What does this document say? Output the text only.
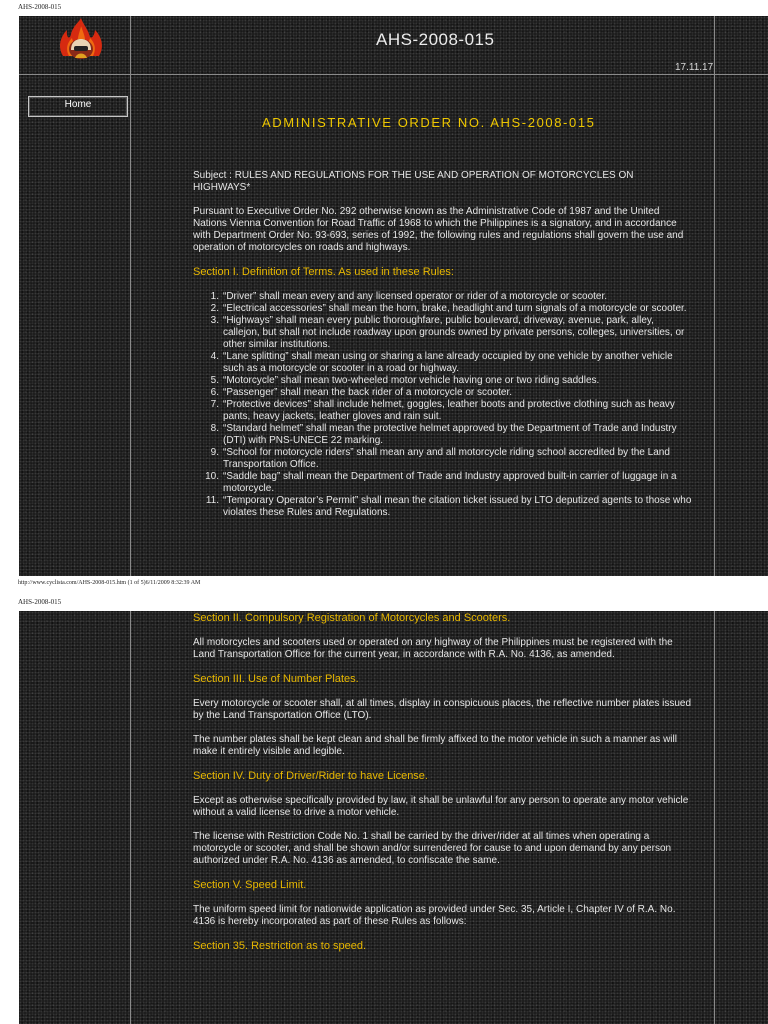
AHS-2008-015
AHS-2008-015
17.11.17
Home
ADMINISTRATIVE ORDER NO. AHS-2008-015

Subject : RULES AND REGULATIONS FOR THE USE AND OPERATION OF MOTORCYCLES ON HIGHWAYS*

Pursuant to Executive Order No. 292 otherwise known as the Administrative Code of 1987 and the United Nations Vienna Convention for Road Traffic of 1968 to which the Philippines is a signatory, and in accordance with Department Order No. 93-693, series of 1992, the following rules and regulations shall govern the use and operation of motorcycles on roads and highways.

Section I. Definition of Terms. As used in these Rules:
1. “Driver” shall mean every and any licensed operator or rider of a motorcycle or scooter.
2. “Electrical accessories” shall mean the horn, brake, headlight and turn signals of a motorcycle or scooter.
3. “Highways” shall mean every public thoroughfare, public boulevard, driveway, avenue, park, alley, callejon, but shall not include roadway upon grounds owned by private persons, colleges, universities, or other similar institutions.
4. “Lane splitting” shall mean using or sharing a lane already occupied by one vehicle by another vehicle such as a motorcycle or scooter in a road or highway.
5. “Motorcycle” shall mean two-wheeled motor vehicle having one or two riding saddles.
6. “Passenger” shall mean the back rider of a motorcycle or scooter.
7. “Protective devices” shall include helmet, goggles, leather boots and protective clothing such as heavy pants, heavy jackets, leather gloves and rain suit.
8. “Standard helmet” shall mean the protective helmet approved by the Department of Trade and Industry (DTI) with PNS-UNECE 22 marking.
9. “School for motorcycle riders” shall mean any and all motorcycle riding school accredited by the Land Transportation Office.
10. “Saddle bag” shall mean the Department of Trade and Industry approved built-in carrier of luggage in a motorcycle.
11. “Temporary Operator’s Permit” shall mean the citation ticket issued by LTO deputized agents to those who violates these Rules and Regulations.
http://www.cyclista.com/AHS-2008-015.htm (1 of 5)6/11/2009 8:32:39 AM
AHS-2008-015
Section II. Compulsory Registration of Motorcycles and Scooters.

All motorcycles and scooters used or operated on any highway of the Philippines must be registered with the Land Transportation Office for the current year, in accordance with R.A. No. 4136, as amended.

Section III. Use of Number Plates.

Every motorcycle or scooter shall, at all times, display in conspicuous places, the reflective number plates issued by the Land Transportation Office (LTO).

The number plates shall be kept clean and shall be firmly affixed to the motor vehicle in such a manner as will make it entirely visible and legible.

Section IV. Duty of Driver/Rider to have License.

Except as otherwise specifically provided by law, it shall be unlawful for any person to operate any motor vehicle without a valid license to drive a motor vehicle.

The license with Restriction Code No. 1 shall be carried by the driver/rider at all times when operating a motorcycle or scooter, and shall be shown and/or surrendered for cause to and upon demand by any person authorized under R.A. No. 4136 as amended, to confiscate the same.

Section V. Speed Limit.

The uniform speed limit for nationwide application as provided under Sec. 35, Article I, Chapter IV of R.A. No. 4136 is hereby incorporated as part of these Rules as follows:

Section 35. Restriction as to speed.
